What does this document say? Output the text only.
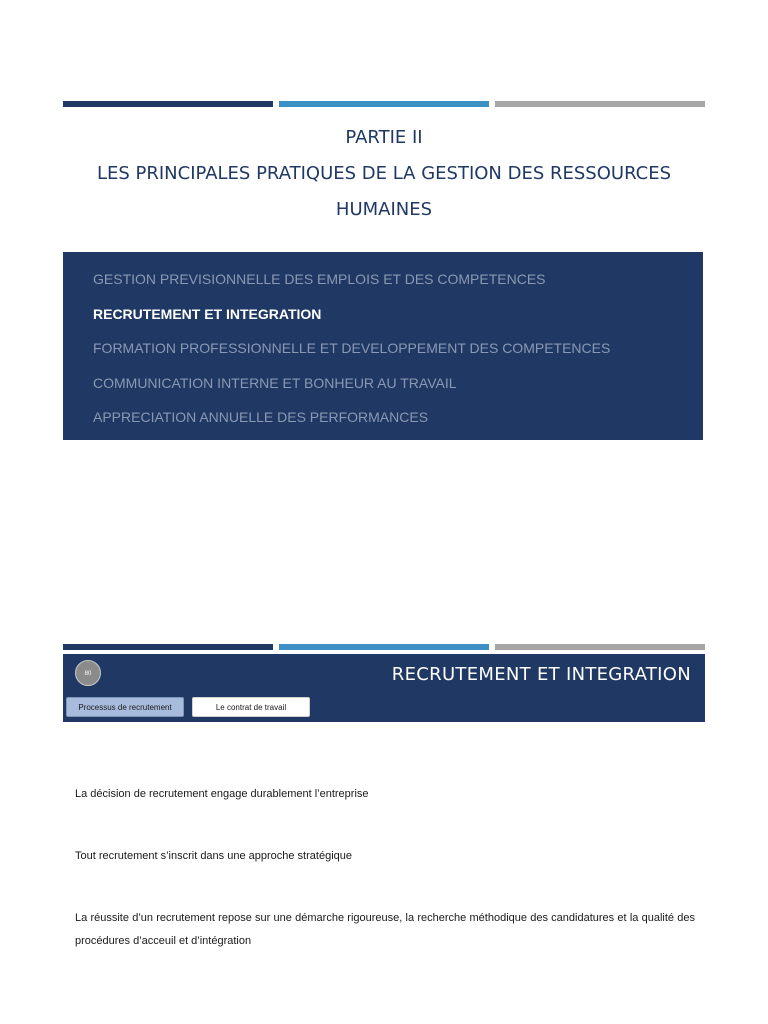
PARTIE II
LES PRINCIPALES PRATIQUES DE LA GESTION DES RESSOURCES
HUMAINES
GESTION PREVISIONNELLE DES EMPLOIS ET DES COMPETENCES
RECRUTEMENT ET INTEGRATION
FORMATION PROFESSIONNELLE ET DEVELOPPEMENT DES COMPETENCES
COMMUNICATION INTERNE ET BONHEUR AU TRAVAIL
APPRECIATION ANNUELLE DES PERFORMANCES
80	RECRUTEMENT ET INTEGRATION
Processus de recrutement	Le contrat de travail
La décision de recrutement engage durablement l’entreprise
Tout recrutement s’inscrit dans une approche stratégique
La réussite d’un recrutement repose sur une démarche rigoureuse, la recherche méthodique des candidatures et la qualité des procédures d’acceuil et d’intégration
